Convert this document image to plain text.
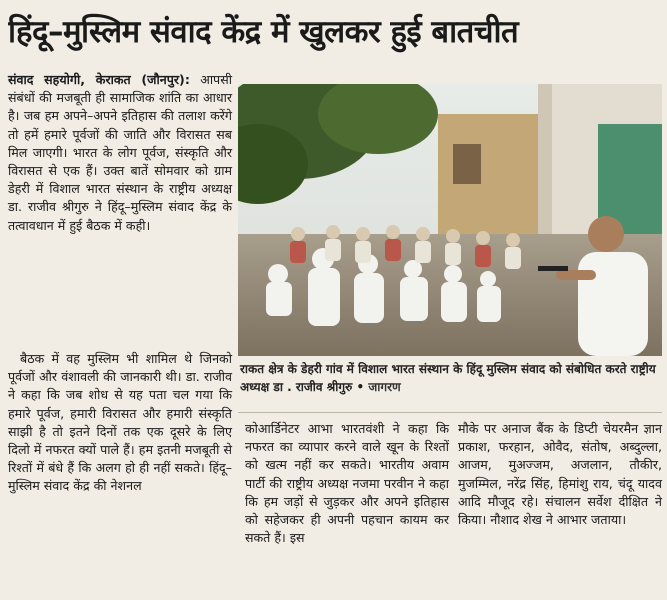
हिंदू–मुस्लिम संवाद केंद्र में खुलकर हुई बातचीत

संवाद सहयोगी, केराकत (जौनपुर): आपसी संबंधों की मजबूती ही सामाजिक शांति का आधार है। जब हम अपने–अपने इतिहास की तलाश करेंगे तो हमें हमारे पूर्वजों की जाति और विरासत सब मिल जाएगी। भारत के लोग पूर्वज, संस्कृति और विरासत से एक हैं। उक्त बातें सोमवार को ग्राम डेहरी में विशाल भारत संस्थान के राष्ट्रीय अध्यक्ष डा. राजीव श्रीगुरु ने हिंदू–मुस्लिम संवाद केंद्र के तत्वावधान में हुई बैठक में कही।

राकत क्षेत्र के डेहरी गांव में विशाल भारत संस्थान के हिंदू मुस्लिम संवाद को संबोधित करते राष्ट्रीय अध्यक्ष डा . राजीव श्रीगुरु • जागरण

बैठक में वह मुस्लिम भी शामिल थे जिनको पूर्वजों और वंशावली की जानकारी थी। डा. राजीव ने कहा कि जब शोध से यह पता चल गया कि हमारे पूर्वज, हमारी विरासत और हमारी संस्कृति साझी है तो इतने दिनों तक एक दूसरे के लिए दिलो में नफरत क्यों पाले हैं। हम इतनी मजबूती से रिश्तों में बंधे हैं कि अलग हो ही नहीं सकते। हिंदू–मुस्लिम संवाद केंद्र की नेशनल

कोआर्डिनेटर आभा भारतवंशी ने कहा कि नफरत का व्यापार करने वाले खून के रिश्तों को खत्म नहीं कर सकते। भारतीय अवाम पार्टी की राष्ट्रीय अध्यक्ष नजमा परवीन ने कहा कि हम जड़ों से जुड़कर और अपने इतिहास को सहेजकर ही अपनी पहचान कायम कर सकते हैं। इस

मौके पर अनाज बैंक के डिप्टी चेयरमैन ज्ञान प्रकाश, फरहान, ओवैद, संतोष, अब्दुल्ला, आजम, मुअज्जम, अजलान, तौकीर, मुजम्मिल, नरेंद्र सिंह, हिमांशु राय, चंदू यादव आदि मौजूद रहे। संचालन सर्वेश दीक्षित ने किया। नौशाद शेख ने आभार जताया।
